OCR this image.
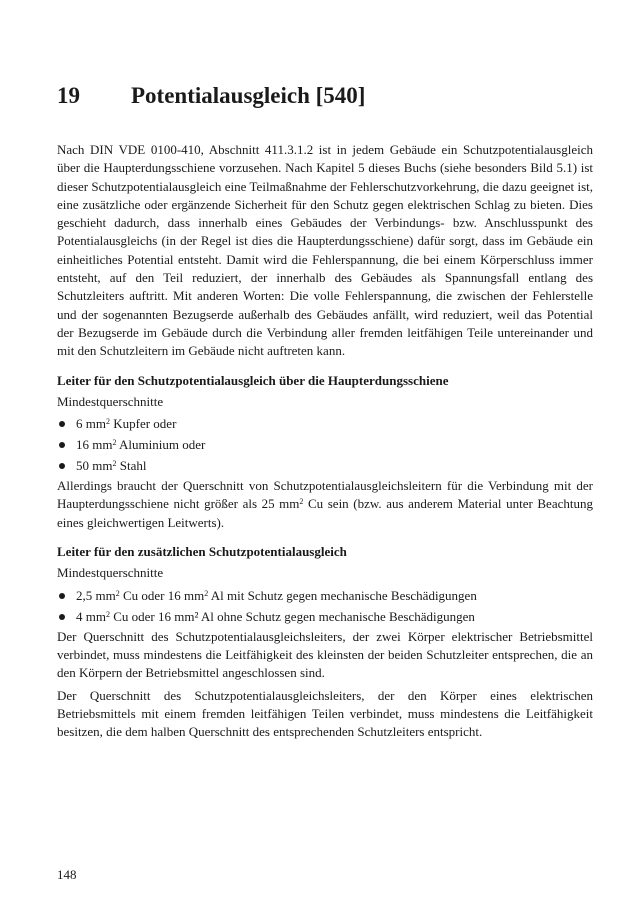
19 Potentialausgleich [540]

Nach DIN VDE 0100-410, Abschnitt 411.3.1.2 ist in jedem Gebäude ein Schutzpotentialausgleich über die Haupterdungsschiene vorzusehen. Nach Kapitel 5 dieses Buchs (siehe besonders Bild 5.1) ist dieser Schutzpotentialausgleich eine Teilmaßnahme der Fehlerschutzvorkehrung, die dazu geeignet ist, eine zusätzliche oder ergänzende Sicherheit für den Schutz gegen elektrischen Schlag zu bieten. Dies geschieht dadurch, dass innerhalb eines Gebäudes der Verbindungs- bzw. Anschlusspunkt des Potentialausgleichs (in der Regel ist dies die Haupterdungsschiene) dafür sorgt, dass im Gebäude ein einheitliches Potential entsteht. Damit wird die Fehlerspannung, die bei einem Körperschluss immer entsteht, auf den Teil reduziert, der innerhalb des Gebäudes als Spannungsfall entlang des Schutzleiters auftritt. Mit anderen Worten: Die volle Fehlerspannung, die zwischen der Fehlerstelle und der sogenannten Bezugserde außerhalb des Gebäudes anfällt, wird reduziert, weil das Potential der Bezugserde im Gebäude durch die Verbindung aller fremden leitfähigen Teile untereinander und mit den Schutzleitern im Gebäude nicht auftreten kann.

Leiter für den Schutzpotentialausgleich über die Haupterdungsschiene

Mindestquerschnitte

6 $mm^2$ Kupfer oder
16 $mm^2$ Aluminium oder
50 $mm^2$ Stahl

Allerdings braucht der Querschnitt von Schutzpotentialausgleichsleitern für die Verbindung mit der Haupterdungsschiene nicht größer als 25 $mm^2$ Cu sein (bzw. aus anderem Material unter Beachtung eines gleichwertigen Leitwerts).

Leiter für den zusätzlichen Schutzpotentialausgleich

Mindestquerschnitte

2,5 $mm^2$ Cu oder 16 $mm^2$ Al mit Schutz gegen mechanische Beschädigungen
4 $mm^2$ Cu oder 16 mm² Al ohne Schutz gegen mechanische Beschädigungen

Der Querschnitt des Schutzpotentialausgleichsleiters, der zwei Körper elektrischer Betriebsmittel verbindet, muss mindestens die Leitfähigkeit des kleinsten der beiden Schutzleiter entsprechen, die an den Körpern der Betriebsmittel angeschlossen sind.

Der Querschnitt des Schutzpotentialausgleichsleiters, der den Körper eines elektrischen Betriebsmittels mit einem fremden leitfähigen Teilen verbindet, muss mindestens die Leitfähigkeit besitzen, die dem halben Querschnitt des entsprechenden Schutzleiters entspricht.

148
